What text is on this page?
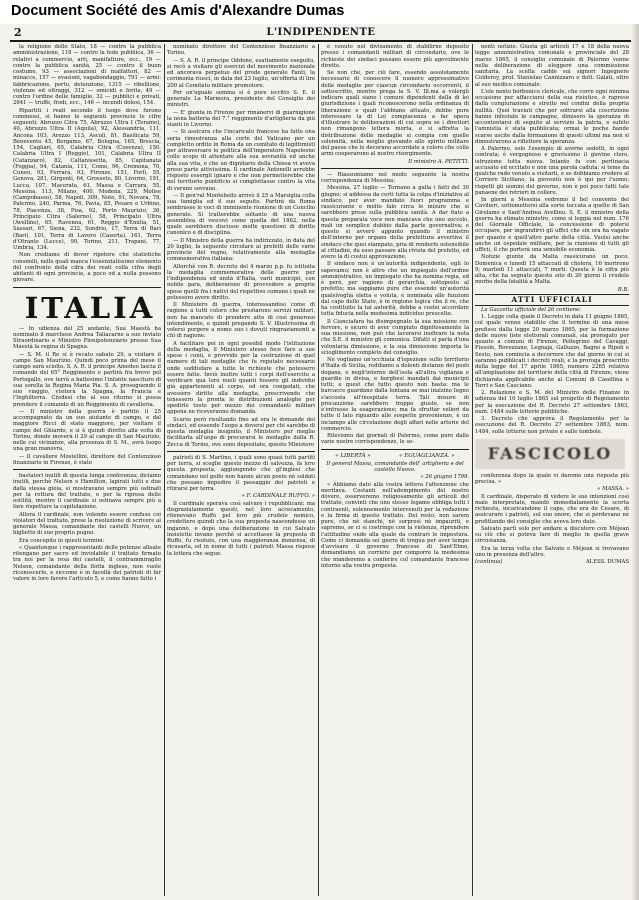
Document Société des Amis d'Alexandre Dumas
2	L'INDIPENDENTE

la religione dello Stato, 18 — contro la pubblica amministrazione, 118 — contro la fede pubblica, 36 — relativi a commercio, arti, manifatture, ecc., 19 — contro la pubblica sanità, 25 — contro il buon costume, 93 — associazioni di malfattori, 82 — minacce, 157 — evasioni, vagabondaggio, 791 — armi: fabbricazione, porto, detenzione, 1315 — ribellione, violenze ed oltraggi, 312 — omicidi e ferite, 49 — contro l'ordine delle famiglie, 32 — pubblici e privati, 2641 — truffe, frodi, ecc., 146 — incendi dolosi, 154.

Ripartiti i reati secondo il luogo dove furono commessi, si hanno le seguenti provincie le cifre seguenti: Abruzzo Citra 75, Abruzzo Ultra I (Teramo), 40, Abruzzo Ultra II (Aquila), 92, Alessandria, 111, Ancona 103, Arezzo 113, Ascoli, 81, Basilicata 59, Benevento 45, Bergamo, 67, Bologna, 165, Brescia, 154, Cagliari, 65, Calabria Citra (Cosenza), 150, Calabria Ultra I (Reggio), 101, Calabria Ultra II (Catanzaro), 82, Caltanissetta, 85, Capitanata (Foggia), 94, Catania, 111, Como, 96, Cremona, 70, Cuneo, 93, Ferrara, 93, Firenze, 151, Forlì, 55, Genova, 281, Girgenti, 64, Grosseto, 80, Livorno, 191, Lucca, 107, Macerata, 61, Massa e Carrara, 55, Messina, 113, Milano, 400, Modena, 229, Molise (Campobasso), 58, Napoli, 309, Noto, 91, Novara, 78, Palermo, 240, Parma, 76, Pavia, 85, Pesaro e Urbino, 78, Piacenza, 38, Pisa, 92, Porto Maurizio, 36, Principato Citra (Salerno), 58, Principato Ultra (Avellino), 65, Ravenna, 61, Reggio d'Emilia, 51, Sassari, 67, Siena, 232, Sondrio, 17, Terra di Bari (Bari), 101, Terra di Lavoro (Caserta), 161, Terra d'Otranto (Lecce), 99, Torino, 211, Trapani, 77, Umbria, 134.

Non crediamo di dover ripetere che statistiche consimili, nelle quali manca l'essenzialissimo elemento del confronto della cifra dei reati colla cifra degli abitanti di ogni provincia, a poco od a nulla possono giovare.

ITALIA

— In udienza del 25 andante, Sua Maestà ha nominato il marchese Andrea Taliacarne a suo inviato Straordinario e Ministro Plenipotenziario presso Sua Maestà la regina di Spagna.

— S. M. il Re si è recato sabato 29, a visitare il campo San Maurizio. Quindi poco prima del mese il campo sarà sciolto. S. A. R. il principe Amedeo lascia il comando del 65° Reggimento e partirà fra breve pel Portogallo, ove terrà a battesimo l'infante nascituro di sua sorella la Regina Maria Pia. S. A. proseguendo il suo viaggio, visiterà la Spagna, la Francia e l'Inghilterra. Credesi che al suo ritorno si possa prendere il comando di un Reggimento di cavalleria.

— Il ministro della guerra è partito il 25 accompagnato da un suo aiutante di campo, e dal maggiore Ricci di stato maggiore, per visitare il campo del Ghiardo, e si è quindi diretto alla volta di Torino, donde moverà il 29 al campo di San Maurizio, nelle cui vicinanze, alla presenza di S. M., avrà luogo una gran manovra.

— Il cavaliere Mostellini, direttore del Contenzioso finanziario in Firenze, è stato

bastatori inutili di questa lunga conferenza; diciamo inutili, perchè Nelson e Hamilton, lapirati tutti e due dalla stessa gioia, si mostravano sempre più ostinati per la rottura del trattato, e per la ripresa delle ostilità, mentre il cardinale si ostinava sempre più a fare rispettare la capitolazione.

Allora il cardinale, non volendo essere confuso coi violatori del trattato, prese la risoluzione di scrivere al generale Massa, comandante dei castelli Nuovo, un biglietto di suo proprio pugno.

Era concepito in questi termini:

« Quantunque i rappresentanti delle potenze alleate ritengano per sacro ed inviolabile il trattato firmato tra noi per la resa dei castelli, il contrammiraglio Nelson, comandante della flotta inglese, non vuole riconoscerlo, e siccome è in facoltà dei patrioti di far valere in loro favore l'articolo 5, e come hanno fatto i

nominato direttore del Contenzioso finanziario a Torino.

— S. A. R. il principe Oddone, esattamente eseguito, si recò a visitare gli esercizi del movimento nazionale ed ancorava perpetuo del prode generale Fanti, la cerimonia riuscì, in data del 23 luglio, un'offerta di lire 200 al Comitato militare promotore.

Per un'uguale somma si è pure iscritto S. E. il generale La Marmora, presidente del Consiglio dei ministri.

— E' giunta in Firenze per rimanervi di guarnigione la nona batteria del 7.° reggimento d'artiglieria da giù stanti in Livorno.

— Si assicura che l'incaricato francese ha fatto una seria rimostranza alla corte del Vaticano per un complotto ordito in Roma da un comitato di legittimisti per attraversare lo politica dell'imperatore Napoleone collo scopo di attentare alla sua sovranità ed anche alla sua vita, e che un dignitario della Chiesa vi aveva preso parte attivissima. Il cardinale Antonelli avrebbe risposto essergli ignaro e che non permetterebbe che nel territorio pontificio si complottasse contro la vita di veruno sovrano.

— Il gen'ral Montebello arrivò il 25 a Marsiglia colla sua famiglia ed il suo seguito. Partirà da Roma sembrasse le voci di imminente riunione di un Concilio generale. Si tratterebbe soltanto di una nuova assemblea di vescovi come quella del 1862, nella quale sarebbero discusse molte questioni di diritto canonico e di disciplina.

— Il Ministro della guerra ha indirizzato, in data del 20 luglio, la seguente circolare ai prefetti delle varie provincie del regno, relativamente alla medaglia commemorativa italiana:

Allorchè con R. decreto del 4 marzo p.p. fu istituita la medaglia commemorativa delle guerre per l'indipendenza ed unità d'Italia, varii municipii, con nobile gara, deliberarono di provvedere a proprie spese quelli fra i nativi del rispettivo comune i quali ne potessero avere diritto.

Il Ministero di guerra, interessandosi come di ragione a tutti coloro che prestarono servizi militari, non ha mancato di prendere atto di così generoso intendimento, e quindi pregando S. V. Illustrissima di volersi porgere a nome suo i dovuti ringraziamenti a chi di ragione.

A facilitare poi in ogni possibil modo l'istituzione della medaglia, il Ministero stesso fece fare a sue spese i conii, e provvide per la costruzione di quel numero di tali medaglie che fu reputato necessario onde soddisfare a tutte le richieste che potessero essere fatte. Inviò inoltre tutti i corpi dell'esercito a verificare qua loro nuoli quanti fossero gli individui già appartenenti al corpo, ed ora congedati, che avessero diritto alla medaglia, prescrivendo che tenessero la pronta le distribuzioni analoghe per spedirle tosto per mezzo dei comandanti militari appena ne riceveranno domanda.

Scarso però risultando fino ad ora le domande dei sindaci, ed essendo l'uopo a doversi per chi sarebbe di questa medaglia insignito, il Ministero per meglio facilitarla all'uopo di procurarsi le medaglie dalla R. Zecca di Torino, ove sono depositate, questo Ministero

patrioti di S. Martino, i quali sono quasi tutti partiti per terra, si sceglie questo mezzo di salvezza, fa loro questa proposta, aggiungendo che gl'inglesi che comandano nel golfo non hanno alcun posto nè soldati che possano impedire il passaggio dei patrioti e ritirarsi per terra.

« F. CARDINALE RUFFO. »

Il cardinale sperava così salvare i repubblicani; ma disgraziatamente questi, nel loro accecamento, ritenevano Ruffo pel loro più crudele nemico, credettero quindi che la sua proposta nascondesse un inganno, e dopo una deliberazione in cui Salvato insistette invano perchè si accettasse la proposta di Ruffo, fu risoluto, con una maggioranza immensa, di ricusarla, ed in nome di tutti i patrioti Massa rispose la lettera che segue.

è venuto nel divisamento di stabilirne deposito presso i comandanti militari di circondario, ove le richieste dei sindaci possano essere più agevolmente dirette.

Se non che, per ciò fare, essendo assolutamente necessario di conoscere il numero approssimativo delle medaglie per ciascun circondario occorrenti, il sottoscritto, mentre prega la S. V. Ill.ma a volergli indicare quali siano i comuni dipendenti dalla di lei giurisdizione i quali riconoscerono nella ordinanza di liberazione e quali l'abbiano attuato, debbe pure interessare la di Lei compiacenza a far opera d'illustrare le deliberazioni di cui sopra se i direttori non rimangono lettera morta, e si affretta la distribuzione delle medaglie si compia con quelle solennità, nella meglio giovando allo spirito militare del paese che le decorano accordate a coloro che colle armi cooperarono al nostro risorgimento.

Il ministro A. PETITTI.

— Riassumiamo nel modo seguente la nostra corrispondenza di Messina:

Messina, 27 luglio — Tornano a galla i fatti del 30 giugno; si addossa da certi tutta la colpa d'iniziativa al sindaco, per aver mandato fuori programma e rassicurante e molto falo circa le misure che si sarebbero prese sulla pubblica sanità. A dar fiato a questa preparata voce non mancava che uno zoccolo, mali un semplice dubbio dalla parte governativa; e questo si avverò appunto quando il ministro dell'interno per organo della prefettura avvertiva il sindaco che quei stampato, pria di renderlo ostensibile al cittadini, da esso passare alla rivista del prefetto, ed avere la di costui approvazione.

Il sindaco non è un'autorità indipendente, egli lo sapevamo; non è altro che un impiegato dell'ordine amministrativo, un impiegato che ha nomina regia, ed è però, per ragione di gerarchia, sottoposto al prefetto; ma sappiamo pure che essendo un'autorità qualsivoglia eletta e voluta, e nominata alle funzioni dal capo dello Stato, è in regione logica che il re, che ha costituito la tal autorità, debba a costei accordare tutta fiducia nella medesima individuo prescelto.

Il Cianciafara ha disimpegnato la sua missione con fervore, e sicuro di aver compiuto dignitosamente la sua missione, non può che lavorarsi inoltrare la nota che S.E. il ministro gli comunica. Difatti si parla d'una volontaria dimissione, e la sua dimissione importa lo scioglimento completo del consiglio.

Ne vogliamo un'occhiata d'ispezione sullo territorio d'Italia di Sicilia, reddiamo a dolenti distanze del posti dogana, e negli'interno dell'isola all'altra vigilanza e guardie in divisa, e borghesi mandati dai municipii tutti; e quest che tutto questo non basta: ma le barcacce guardano dalla lontana se mai inalzino Iegno s'accosta all'inospitale terra. Tali misure di precauzione sarebbero troppo giuste, se non e'entrasse la esagerazione; ma fa sfruttar velieri da tutte il lato riguardo alle sospette provenienze, è un inciampo alle circolazione degli affari nelle arterie del commercio.

Rilevismo dai giornali di Palermo, come pure dalle varie nostre corrispondenze, le se-

« LIBERTÀ »	« EGUAGLIANZA. »

Il general Massa, comandante dell' artiglieria e del castello Nuovo.

« 26 giugno 1799.

« Abbiamo dato alla vostra lettera l'attenzione che meritava. Costanti nell'adempimento del nostro dovere, osserveremo religiosamente gli articoli del trattato, convinti che uno stesso legame obbliga tutti i contraenti, solennemente intervenuti per la redazione e la firma di questo trattato. Del resto, non sarem pure, che nè stanchi, nè sorpresi nè impauriti, e sapremo, se ci si costringe con la violenza, riprendere l'attitudine onde alla quale da contrari le impostura. Come ci domanda sei giorni di tregua per aver tempo d'avvisare il governo francese di Sant'Elmo, domandiamo un corriere per comporre la medesima che manderemo a conferire col comandante francese intorno alla vostra proposta.

nenti notizie. Giusta gli articoli 17 e 18 della nuova legge amministrativa comunale e provinciale del 28 marzo 1865, il consiglio comunale di Palermo venne nella deliberazione di eleggere una commissione sanitaria. La scelta cadde sui signori Ingegnere Colderey, prof. Stanislao Cannizzaro e dott. Galati, oltre al suo medico comunale.

L'ele nento borbonico clericale, che corre ogni minima occasione per affacciarsi della sua risiutice, è rapreso dalla congiurazione e stretto nei confini della propria nullità. Quei traviati che per sottrarsi alla coscrizione hanno infestate le campagne, dimisero la speranza di accontentarsi di seguito al servizio la patria, e subito l'amnistia è stata pubblicata; ormai le poche bande scarse uscite dalla formazione di questi ultimi ma non si dimostrarono a riflettere la speranza.

A Palermo, solo l'esempio di averne sedotti, in ogni contrata; è vergognoso e gravissimo il giovine clero, istruzione tutta nuova. Intanto fu con pertinacia accusato ed eccitato e non una parola caduta: si teme da qualche rado venuto a visitarti, e se dobbiamo credere al Corriere Siciliano, la gioventù non è qui per l'uomo; rispetti gli uomini del governo, non è poi poco tutti tale panaene dei retrieri in collere.

In giorni a Messina vedremo il bel convento dei Cavilieri, sottomettersi alla sorte toccata a quello di San Girolamo e Sant'Andrea Avellino. S. E. il ministro della guerra ha stimato ministro, come si leggia nel num. 176 del Giornale Officiale, la concessione di potersi occupare, per ingrandirvi gli uffici che sin ora ha vagato per quanto e quell'altro parte della città. Vuolsi anche anche un ospedale militare, per la riunione di tutti gli ufficii, il che porterà una sensibile economia.

Notizie giunte da Malta rassicurano un poco. Domenica e lunedì 15 attaccati di cholera, 16 morirono 9; martedì 11 attaccati, 7 morti. Questa è la cifra più alta, che ha segnato questo sito di 20 giorni il crudele morbo della fatalità a Malta.

B.B.

ATTI UFFICIALI

La Gazzetta ufficiale del 26 contiene:

1. Legge colla quale il Decreto in data 11 giugno 1865, col quale venne stabilito che il termine di una mese prefisso dalla legge 20 marzo 1865, per la formazione delle nuove liste elettorali comunali, sia prorogato per quanto a comuni di Firenze, Pellegrino del Cavaggi, Fiesole, Rovezzano, Legnaja, Galluzzo, Bagno a Ripoli e Sesto, non comincia a decorrere che dal giorno in cui si saranno pubblicati i decreti reali, e la proroga proscritto della legge del 17 aprile 1865, numero 2265 relativa all'ampliazione del territorio della città di Firenze, viene dichiarata applicabile anche ai Comuni di Casellina e Torri e San Casciano.

2. Relazione e S. M. del Ministro delle Finanze in udienza del 10 luglio 1865 sul progetto di Regolamento per la esecuzione del R. Decreto 27 settembre 1863, num. 1484 sulle lotterie pubbliche.

3. Decreto che approva il Regolamento per la esecuzione del R. Decreto 27 settembre 1863, num. 1484, sulle lotterie non private e sulle tombole.

FASCICOLO

conferenza dopo la quale vi daremo una risposta più precisa. »

« MASSA. »

Il cardinale, disperato di vedere le sue intenzioni così male interpretate, mandò immediatamente la scorta richiesta, incaricandone il capo, che era de Cesare, di assicurare i patrioti, sul suo onore, che si perdevano nè profittando del consiglio che aveva loro dato.

Salvato partì solo per andare a discutere con Méjean su ciò che si poteva fare di meglio in quella grave circostanza.

Era la terza volta che Salvato e Méjean si trovavano uno in presenza dell'altro.

(continua)	ALESS. DUMAS
